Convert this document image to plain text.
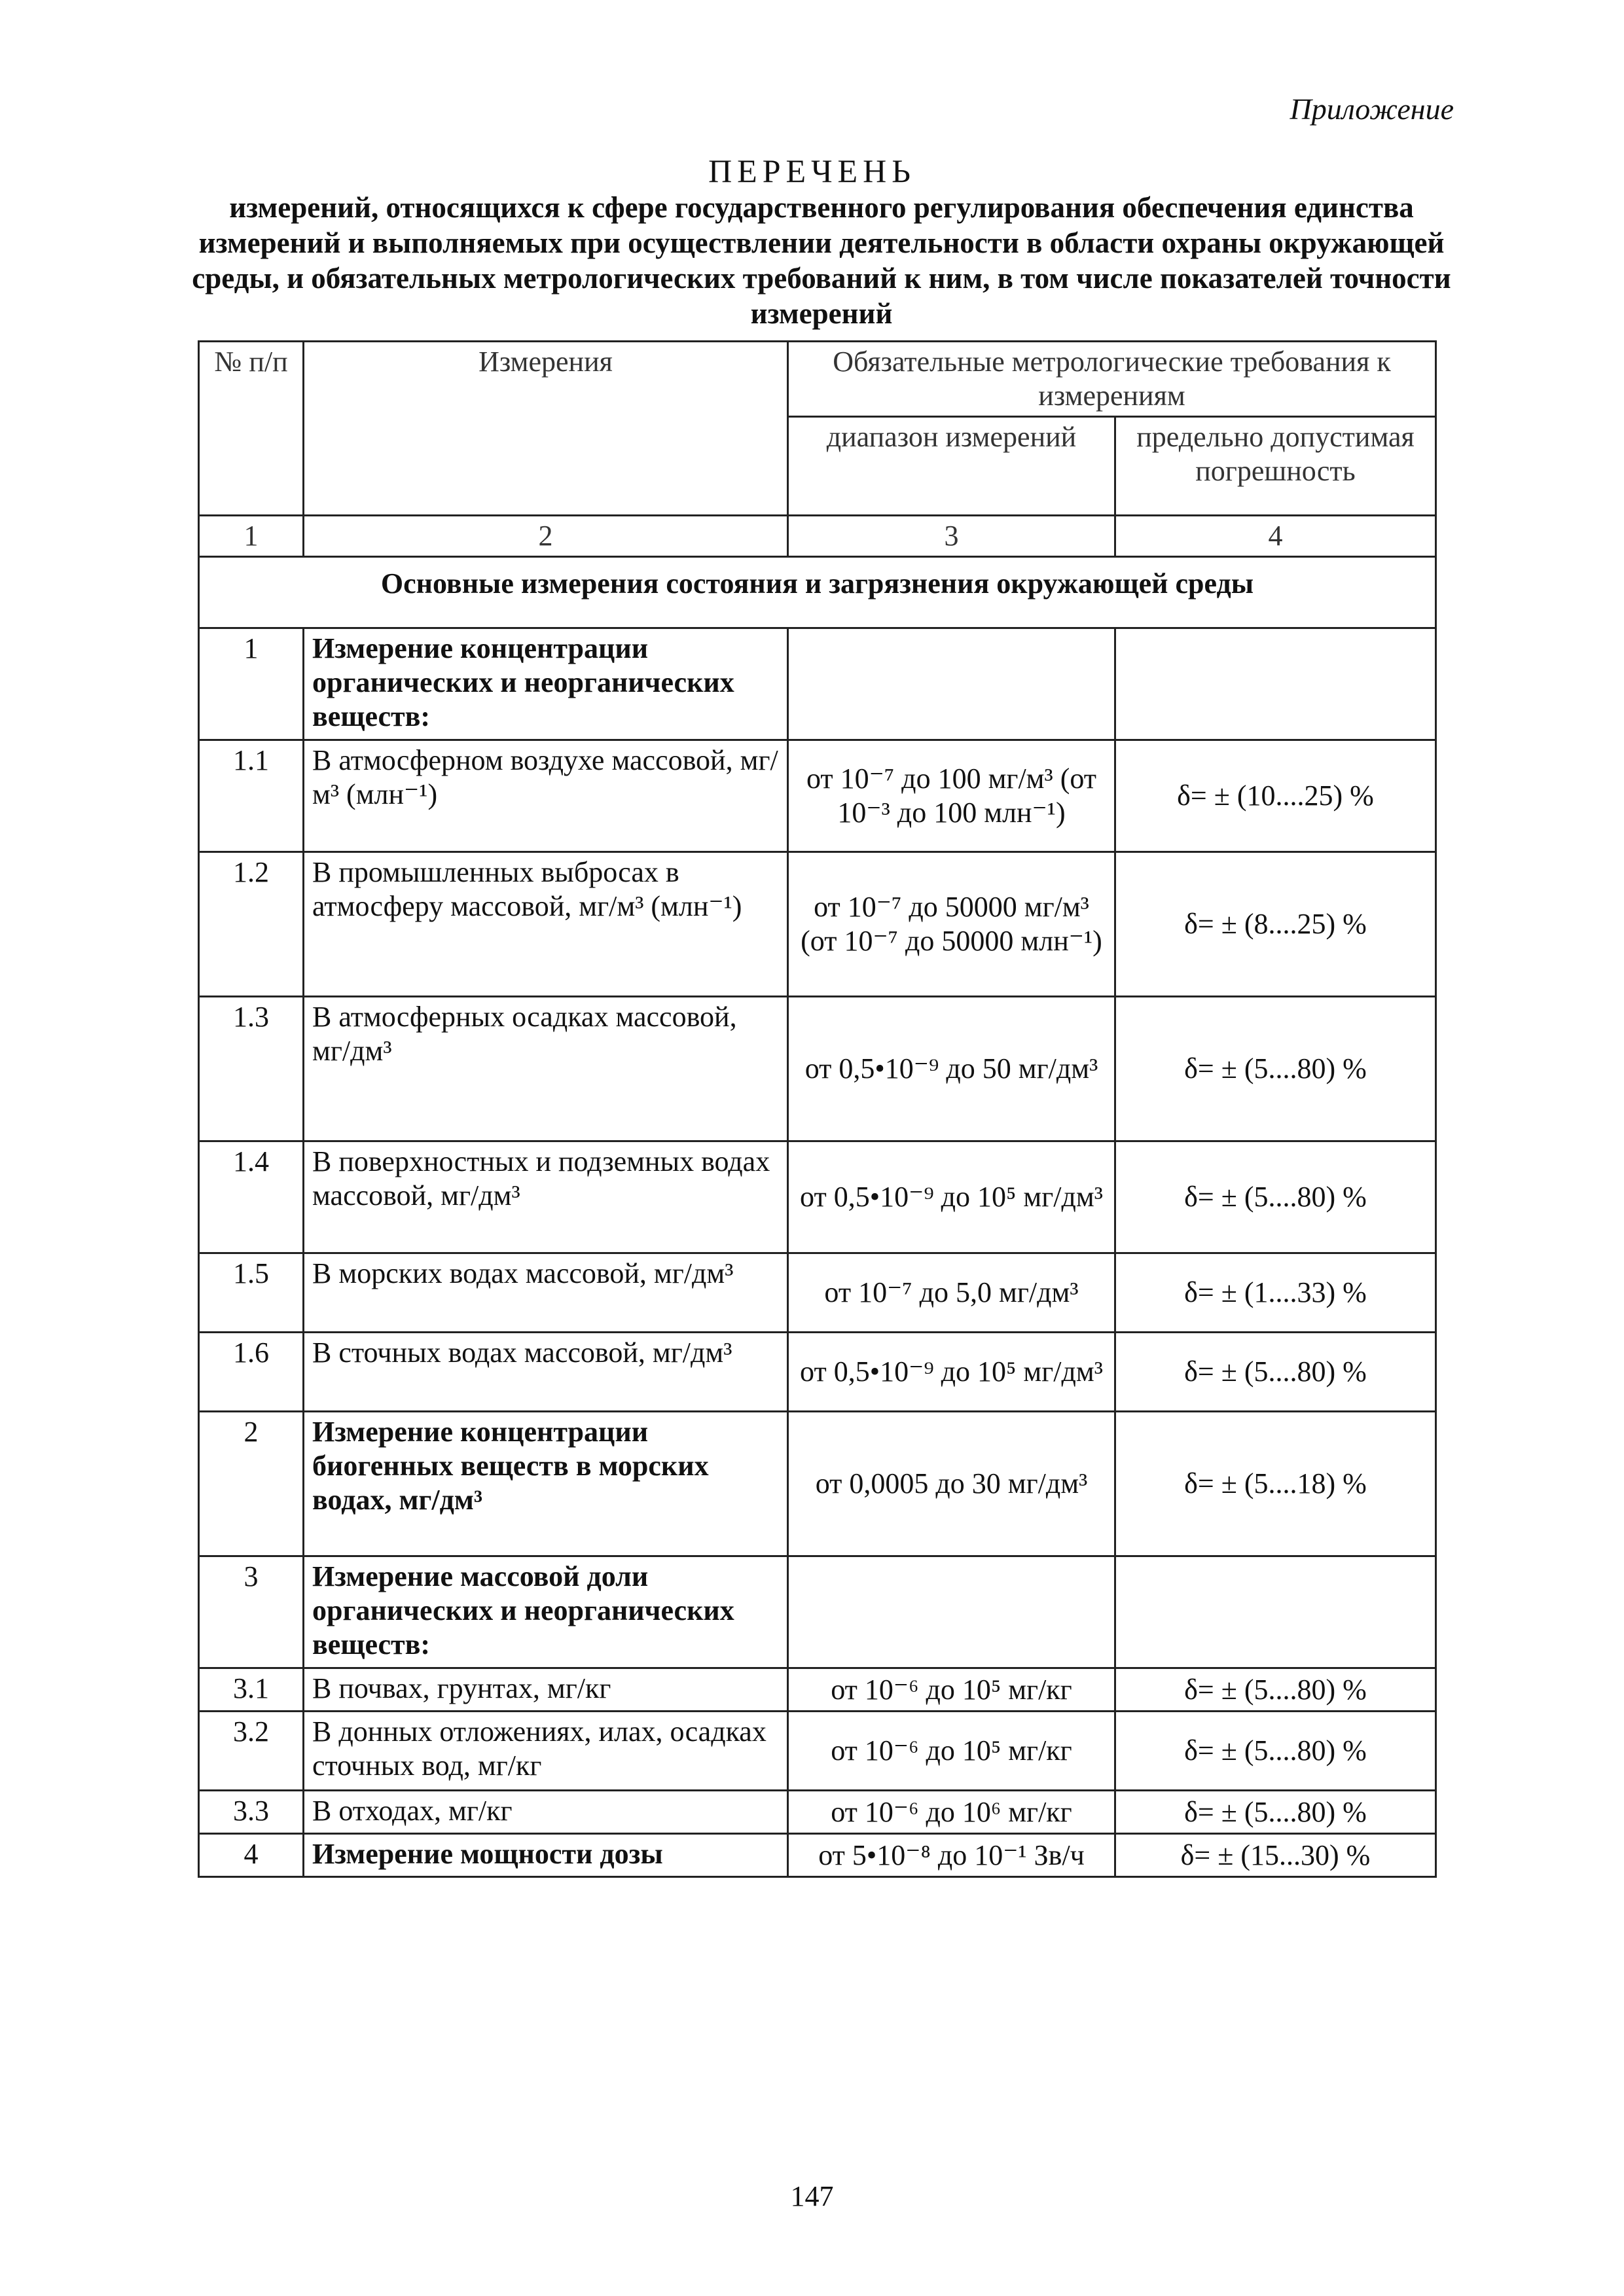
Приложение
ПЕРЕЧЕНЬ
измерений, относящихся к сфере государственного регулирования обеспечения единства измерений и выполняемых при осуществлении деятельности в области охраны окружающей среды, и обязательных метрологических требований к ним, в том числе показателей точности измерений
№ п/п	Измерения	Обязательные метрологические требования к измерениям	
		диапазон измерений	предельно допустимая погрешность
1	2	3	4
Основные измерения состояния и загрязнения окружающей среды			
1	Измерение концентрации органических и неорганических веществ:		
1.1	В атмосферном воздухе массовой, мг/м³ (млн⁻¹)	от 10⁻⁷ до 100 мг/м³ (от 10⁻³ до 100 млн⁻¹)	δ= ± (10....25) %
1.2	В промышленных выбросах в атмосферу массовой, мг/м³ (млн⁻¹)	от 10⁻⁷ до 50000 мг/м³ (от 10⁻⁷ до 50000 млн⁻¹)	δ= ± (8....25) %
1.3	В атмосферных осадках массовой, мг/дм³	от 0,5•10⁻⁹ до 50 мг/дм³	δ= ± (5....80) %
1.4	В поверхностных и подземных водах массовой, мг/дм³	от 0,5•10⁻⁹ до 10⁵ мг/дм³	δ= ± (5....80) %
1.5	В морских водах массовой, мг/дм³	от 10⁻⁷ до 5,0 мг/дм³	δ= ± (1....33) %
1.6	В сточных водах массовой, мг/дм³	от 0,5•10⁻⁹ до 10⁵ мг/дм³	δ= ± (5....80) %
2	Измерение концентрации биогенных веществ в морских водах, мг/дм³	от 0,0005 до 30 мг/дм³	δ= ± (5....18) %
3	Измерение массовой доли органических и неорганических веществ:		
3.1	В почвах, грунтах, мг/кг	от 10⁻⁶ до 10⁵ мг/кг	δ= ± (5....80) %
3.2	В донных отложениях, илах, осадках сточных вод, мг/кг	от 10⁻⁶ до 10⁵ мг/кг	δ= ± (5....80) %
3.3	В отходах, мг/кг	от 10⁻⁶ до 10⁶ мг/кг	δ= ± (5....80) %
4	Измерение мощности дозы	от 5•10⁻⁸ до 10⁻¹ Зв/ч	δ= ± (15...30) %
147
